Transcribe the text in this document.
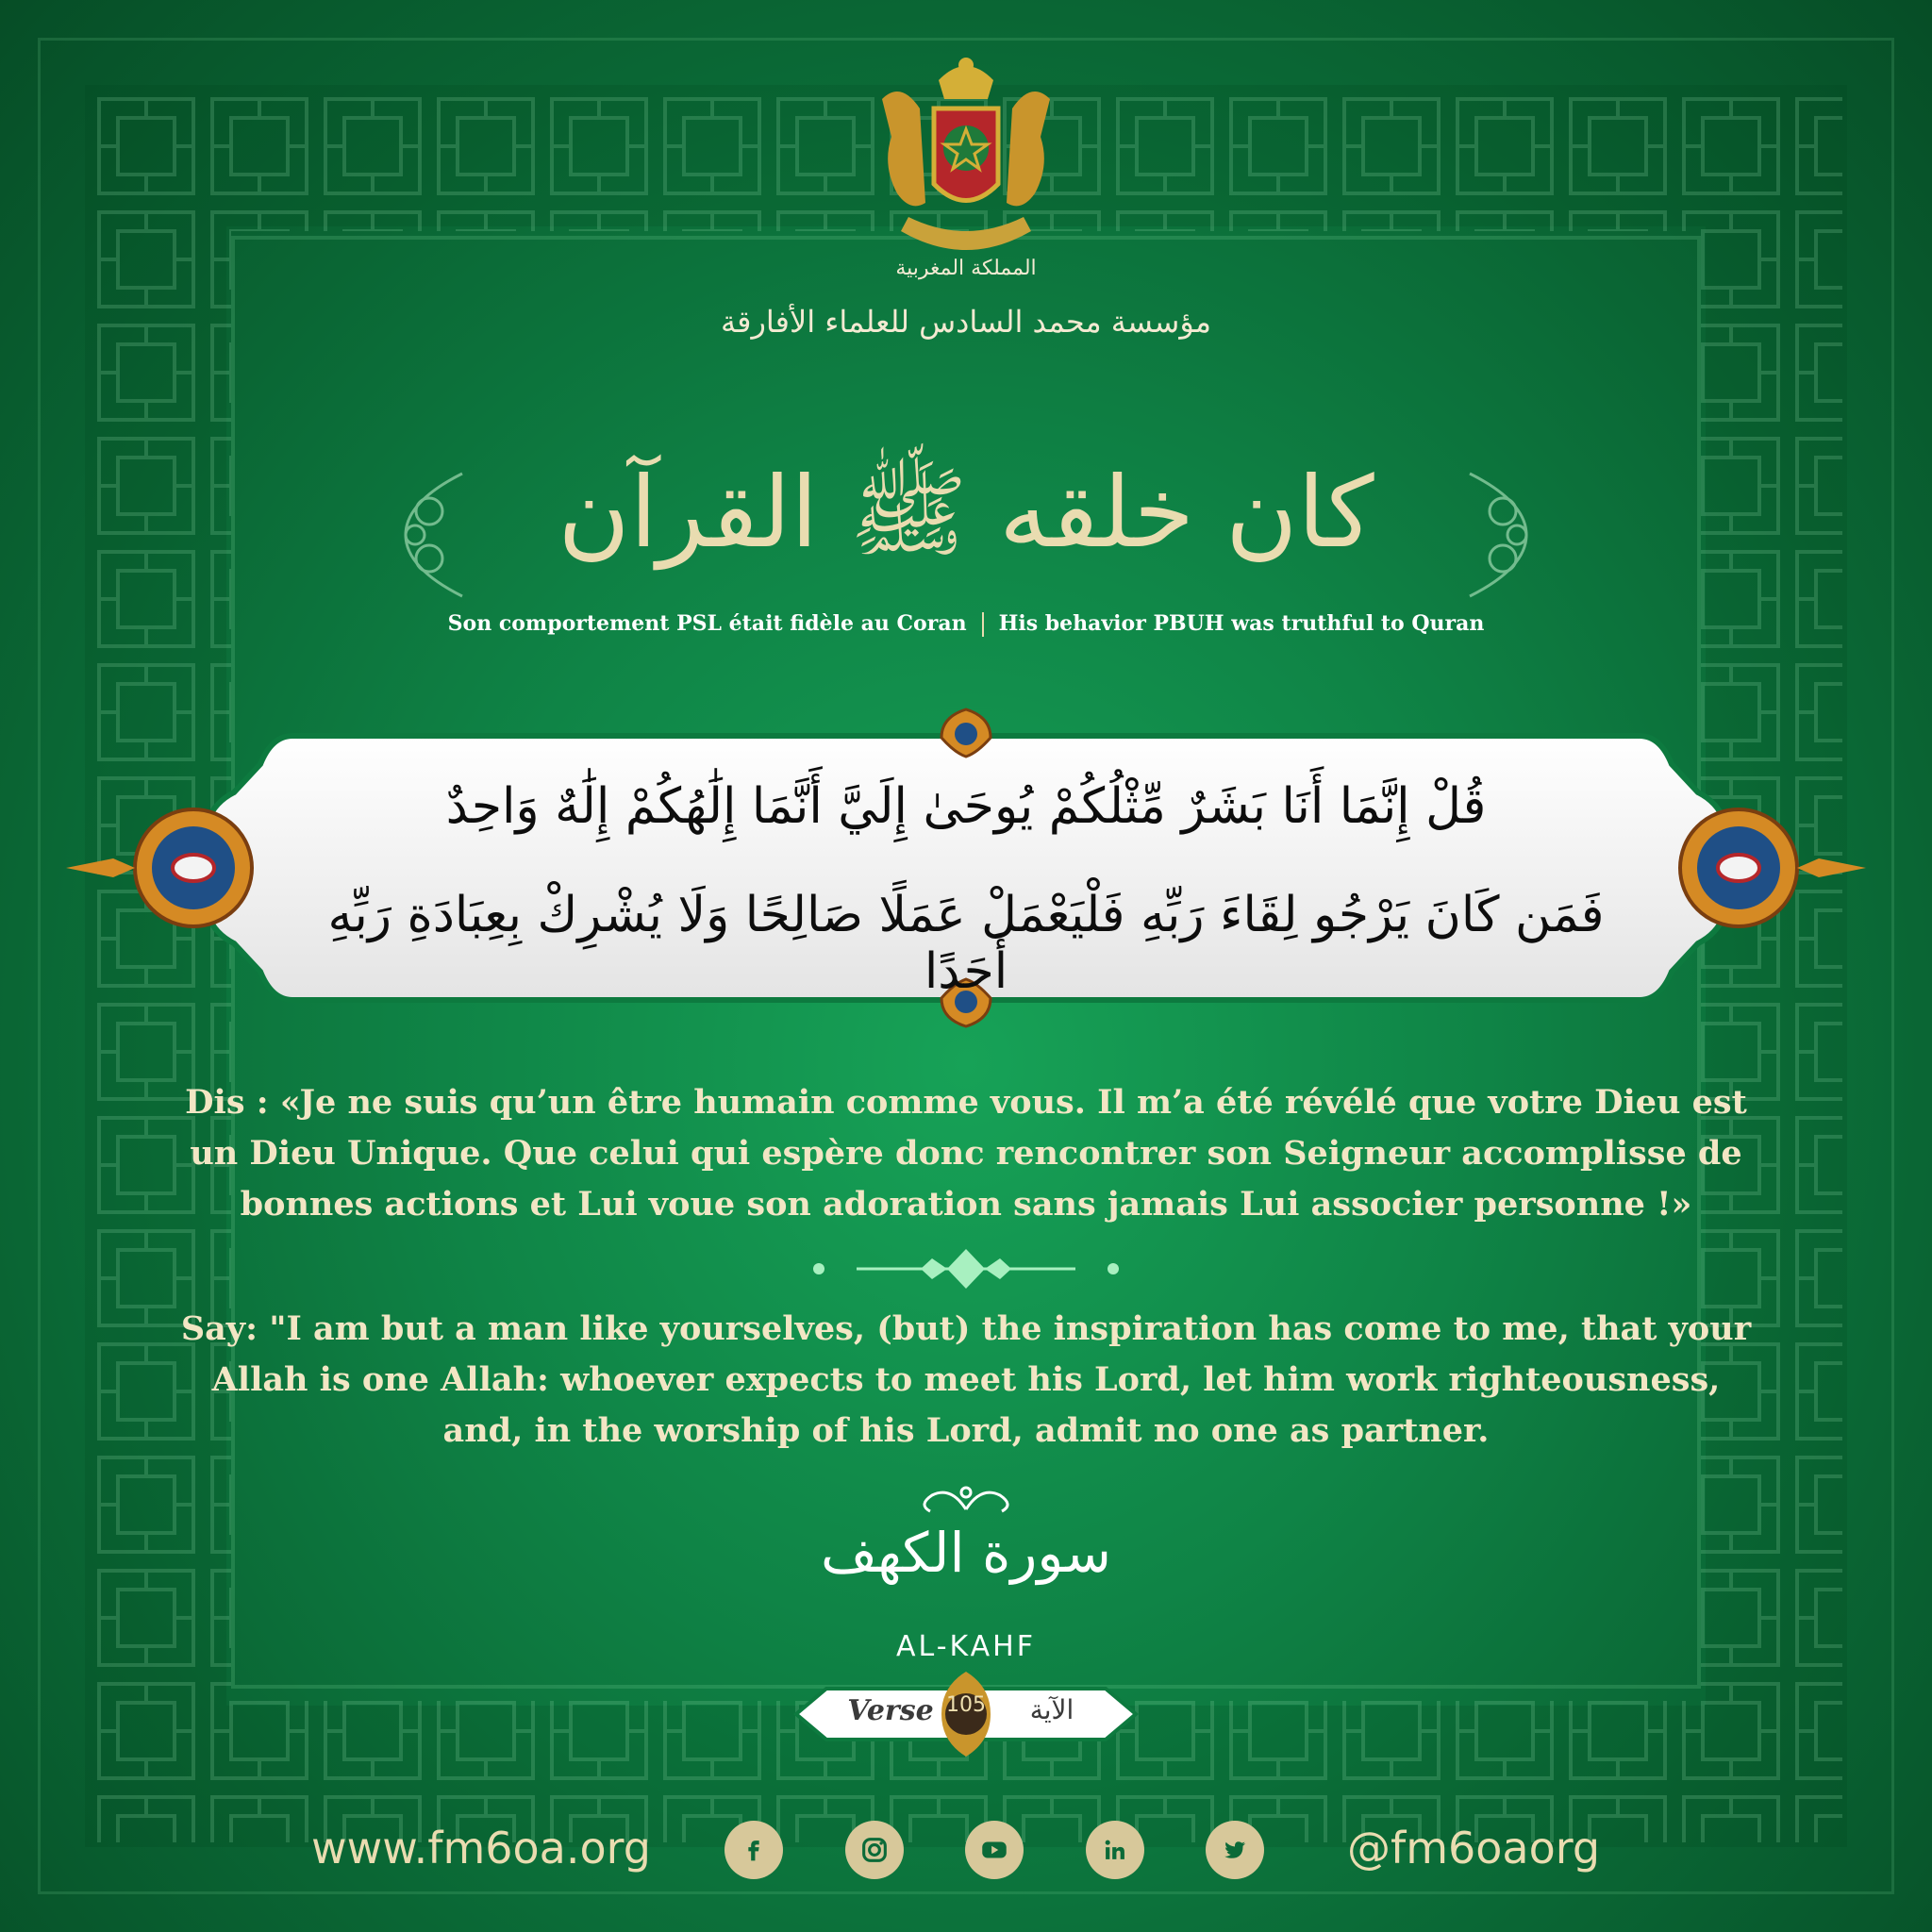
المملكة المغربية
مؤسسة محمد السادس للعلماء الأفارقة
كان خلقه ﷺ القرآن
Son comportement PSL était fidèle au Coran His behavior PBUH was truthful to Quran
قُلْ إِنَّمَا أَنَا بَشَرٌ مِّثْلُكُمْ يُوحَىٰ إِلَيَّ أَنَّمَا إِلَٰهُكُمْ إِلَٰهٌ وَاحِدٌ
فَمَن كَانَ يَرْجُو لِقَاءَ رَبِّهِ فَلْيَعْمَلْ عَمَلًا صَالِحًا وَلَا يُشْرِكْ بِعِبَادَةِ رَبِّهِ أَحَدًا
Dis : «Je ne suis qu’un être humain comme vous. Il m’a été révélé que votre Dieu est un Dieu Unique. Que celui qui espère donc rencontrer son Seigneur accomplisse de bonnes actions et Lui voue son adoration sans jamais Lui associer personne !»
Say: "I am but a man like yourselves, (but) the inspiration has come to me, that your Allah is one Allah: whoever expects to meet his Lord, let him work righteousness, and, in the worship of his Lord, admit no one as partner.
سورة الكهف
AL-KAHF
Verse 105	الآية
www.fm6oa.org	@fm6oaorg
